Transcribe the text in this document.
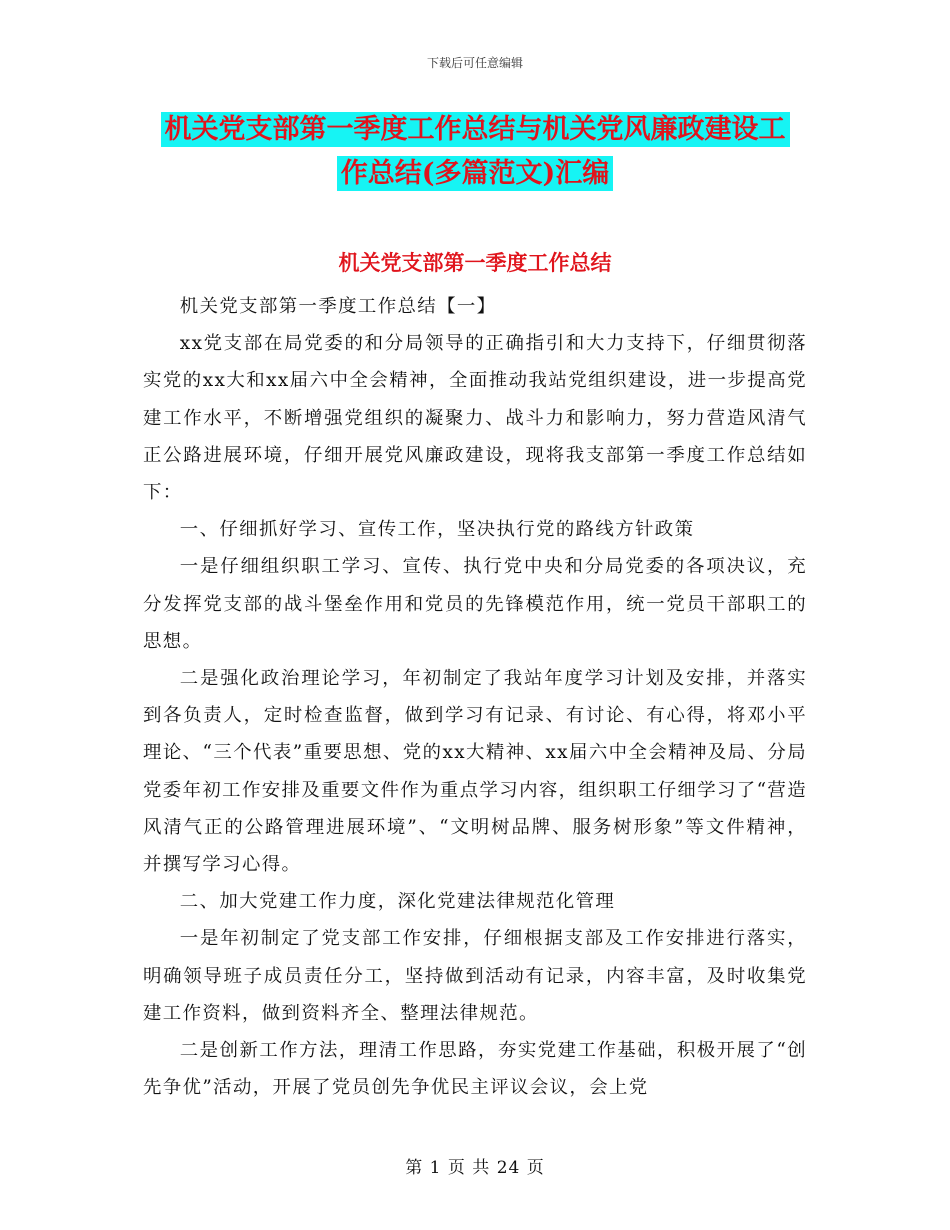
下载后可任意编辑
机关党支部第一季度工作总结与机关党风廉政建设工
作总结(多篇范文)汇编
机关党支部第一季度工作总结

机关党支部第一季度工作总结【一】

xx党支部在局党委的和分局领导的正确指引和大力支持下，仔细贯彻落实党的xx大和xx届六中全会精神，全面推动我站党组织建设，进一步提高党建工作水平，不断增强党组织的凝聚力、战斗力和影响力，努力营造风清气正公路进展环境，仔细开展党风廉政建设，现将我支部第一季度工作总结如下：

一、仔细抓好学习、宣传工作，坚决执行党的路线方针政策

一是仔细组织职工学习、宣传、执行党中央和分局党委的各项决议，充分发挥党支部的战斗堡垒作用和党员的先锋模范作用，统一党员干部职工的思想。

二是强化政治理论学习，年初制定了我站年度学习计划及安排，并落实到各负责人，定时检查监督，做到学习有记录、有讨论、有心得，将邓小平理论、“三个代表”重要思想、党的xx大精神、xx届六中全会精神及局、分局党委年初工作安排及重要文件作为重点学习内容，组织职工仔细学习了“营造风清气正的公路管理进展环境”、“文明树品牌、服务树形象”等文件精神，并撰写学习心得。

二、加大党建工作力度，深化党建法律规范化管理

一是年初制定了党支部工作安排，仔细根据支部及工作安排进行落实，明确领导班子成员责任分工，坚持做到活动有记录，内容丰富，及时收集党建工作资料，做到资料齐全、整理法律规范。

二是创新工作方法，理清工作思路，夯实党建工作基础，积极开展了“创先争优”活动，开展了党员创先争优民主评议会议，会上党

第 1 页 共 24 页
